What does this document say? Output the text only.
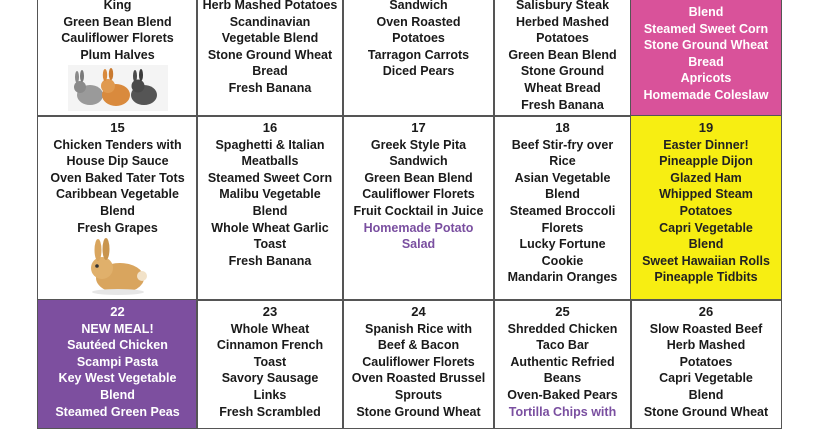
King
Green Bean Blend
Cauliflower Florets
Plum Halves
Herb Mashed Potatoes
Scandinavian
Vegetable Blend
Stone Ground Wheat
Bread
Fresh Banana
Sandwich
Oven Roasted
Potatoes
Tarragon Carrots
Diced Pears
Salisbury Steak
Herbed Mashed
Potatoes
Green Bean Blend
Stone Ground
Wheat Bread
Fresh Banana
Blend
Steamed Sweet Corn
Stone Ground Wheat
Bread
Apricots
Homemade Coleslaw
15
Chicken Tenders with
House Dip Sauce
Oven Baked Tater Tots
Caribbean Vegetable
Blend
Fresh Grapes
16
Spaghetti & Italian
Meatballs
Steamed Sweet Corn
Malibu Vegetable
Blend
Whole Wheat Garlic
Toast
Fresh Banana
17
Greek Style Pita
Sandwich
Green Bean Blend
Cauliflower Florets
Fruit Cocktail in Juice
Homemade Potato
Salad
18
Beef Stir-fry over
Rice
Asian Vegetable
Blend
Steamed Broccoli
Florets
Lucky Fortune
Cookie
Mandarin Oranges
19
Easter Dinner!
Pineapple Dijon
Glazed Ham
Whipped Steam
Potatoes
Capri Vegetable
Blend
Sweet Hawaiian Rolls
Pineapple Tidbits
22
NEW MEAL!
Sautéed Chicken
Scampi Pasta
Key West Vegetable
Blend
Steamed Green Peas
23
Whole Wheat
Cinnamon French
Toast
Savory Sausage
Links
Fresh Scrambled
24
Spanish Rice with
Beef & Bacon
Cauliflower Florets
Oven Roasted Brussel
Sprouts
Stone Ground Wheat
25
Shredded Chicken
Taco Bar
Authentic Refried
Beans
Oven-Baked Pears
Tortilla Chips with
26
Slow Roasted Beef
Herb Mashed
Potatoes
Capri Vegetable
Blend
Stone Ground Wheat
